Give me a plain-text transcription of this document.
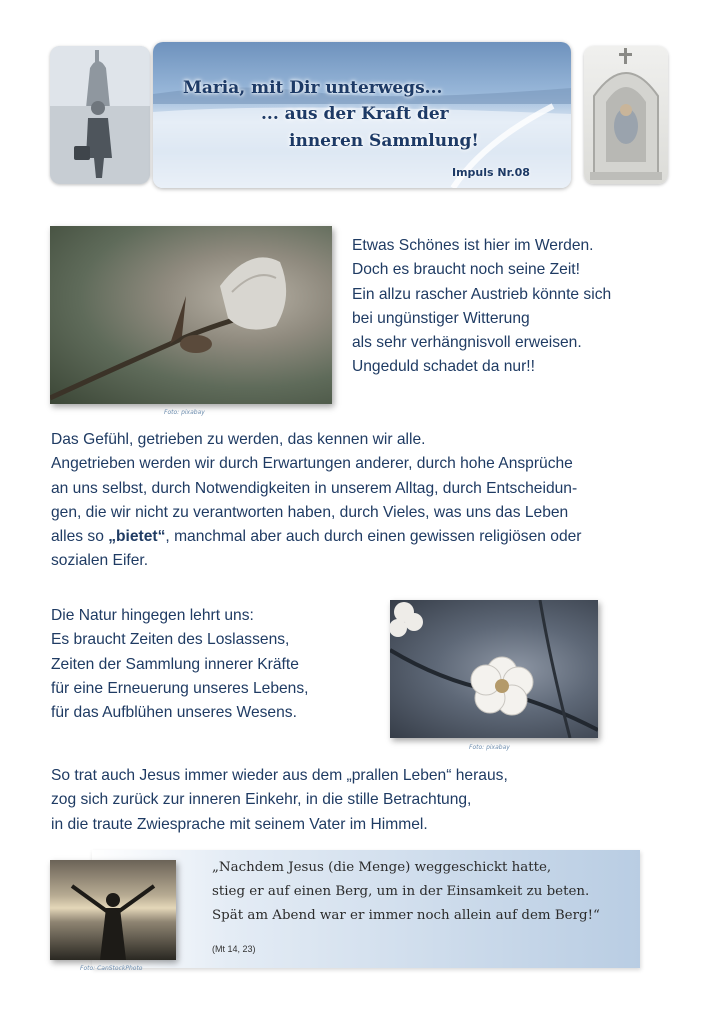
Maria, mit Dir unterwegs...
... aus der Kraft der
inneren Sammlung!
Impuls Nr.08
Foto: pixabay
Etwas Schönes ist hier im Werden.
Doch es braucht noch seine Zeit!
Ein allzu rascher Austrieb könnte sich
bei ungünstiger Witterung
als sehr verhängnisvoll erweisen.
Ungeduld schadet da nur!!
Das Gefühl, getrieben zu werden, das kennen wir alle.
Angetrieben werden wir durch Erwartungen anderer, durch hohe Ansprüche
an uns selbst, durch Notwendigkeiten in unserem Alltag, durch Entscheidun-
gen, die wir nicht zu verantworten haben, durch Vieles, was uns das Leben
alles so „bietet“, manchmal aber auch durch einen gewissen religiösen oder
sozialen Eifer.
Die Natur hingegen lehrt uns:
Es braucht Zeiten des Loslassens,
Zeiten der Sammlung innerer Kräfte
für eine Erneuerung unseres Lebens,
für das Aufblühen unseres Wesens.
Foto: pixabay
So trat auch Jesus immer wieder aus dem „prallen Leben“ heraus,
zog sich zurück zur inneren Einkehr, in die stille Betrachtung,
in die traute Zwiesprache mit seinem Vater im Himmel.
„Nachdem Jesus (die Menge) weggeschickt hatte,
stieg er auf einen Berg, um in der Einsamkeit zu beten.
Spät am Abend war er immer noch allein auf dem Berg!“
(Mt 14, 23)
Foto: CanStockPhoto
